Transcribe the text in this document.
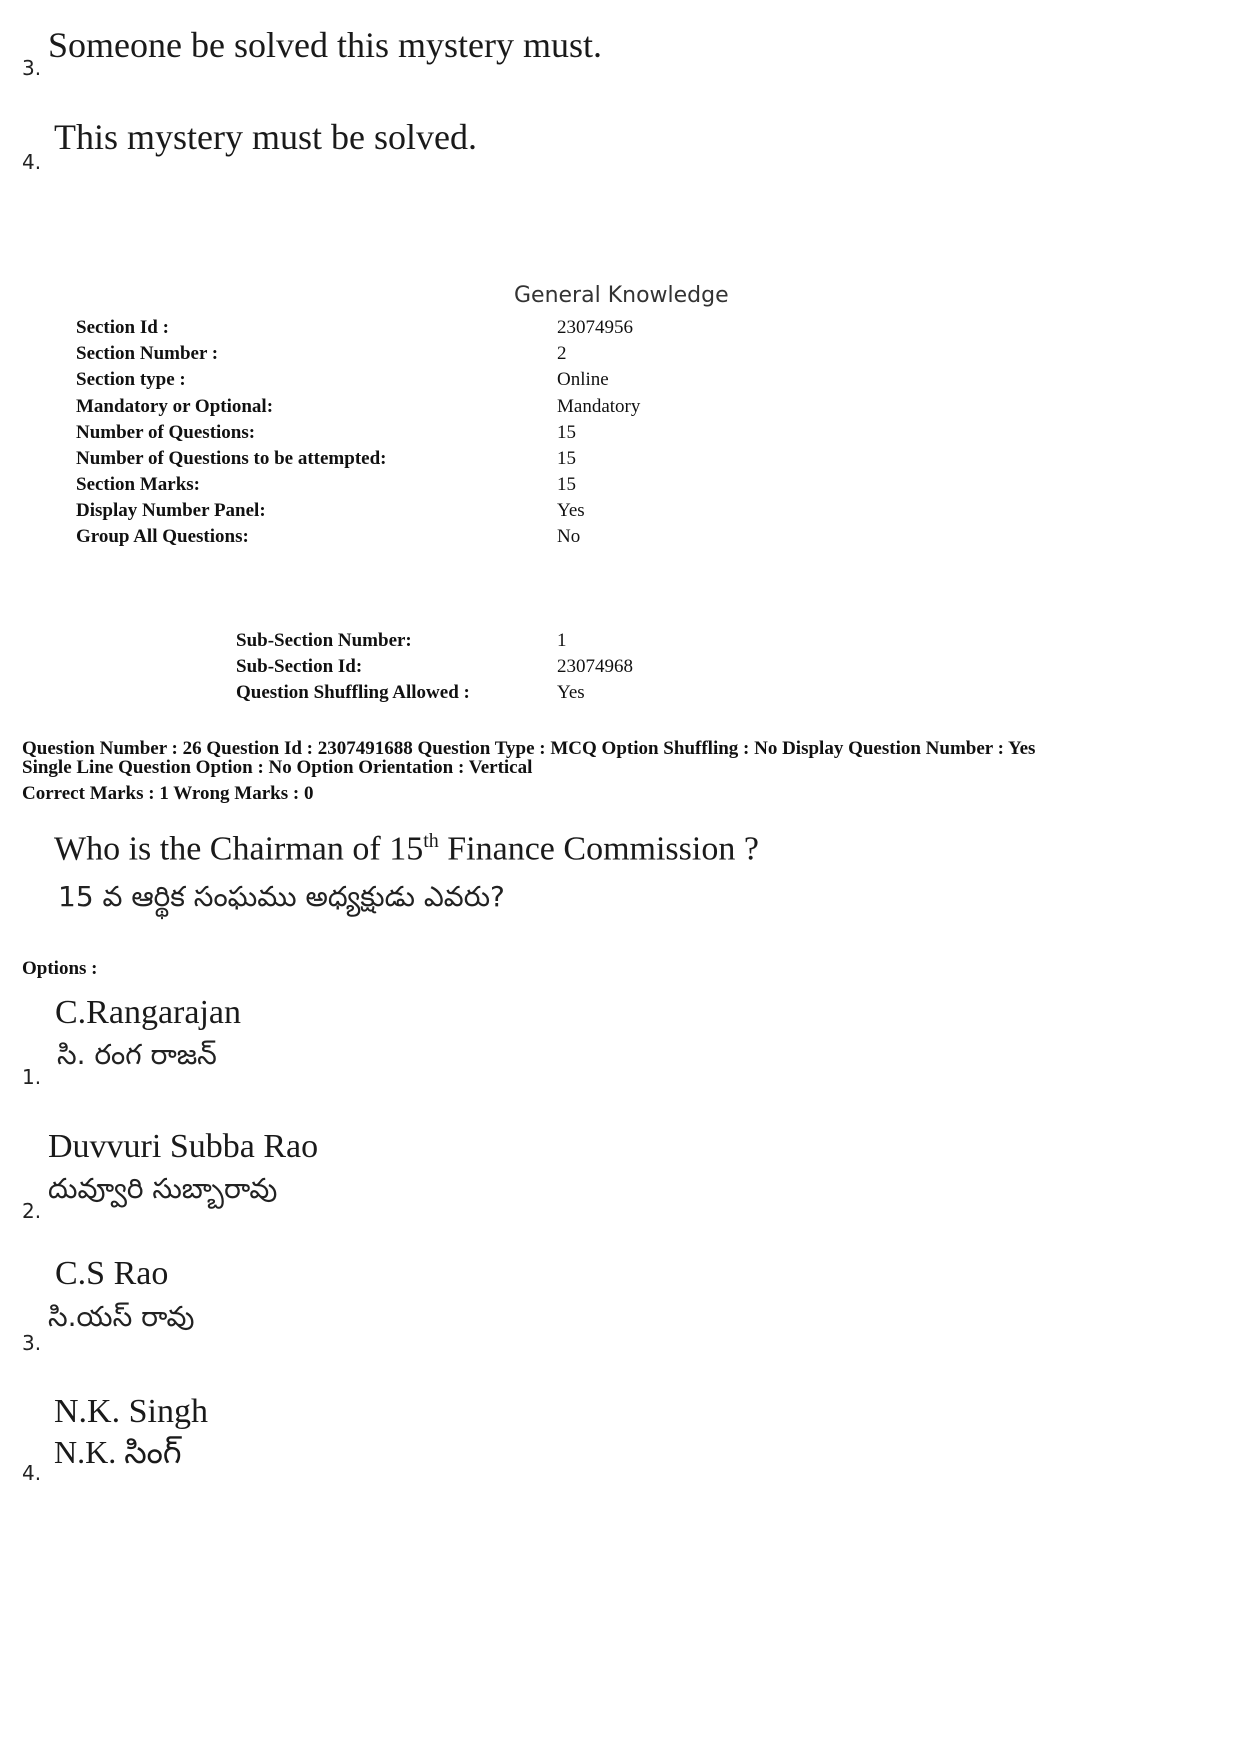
Someone be solved this mystery must.
3.
This mystery must be solved.
4.
General Knowledge
Section Id :	23074956
Section Number :	2
Section type :	Online
Mandatory or Optional:	Mandatory
Number of Questions:	15
Number of Questions to be attempted:	15
Section Marks:	15
Display Number Panel:	Yes
Group All Questions:	No
Sub-Section Number:	1
Sub-Section Id:	23074968
Question Shuffling Allowed :	Yes
Question Number : 26 Question Id : 2307491688 Question Type : MCQ Option Shuffling : No Display Question Number : Yes
Single Line Question Option : No Option Orientation : Vertical
Correct Marks : 1 Wrong Marks : 0
Who is the Chairman of 15th Finance Commission ?
15 వ ఆర్థిక సంఘము అధ్యక్షుడు ఎవరు?
Options :
C.Rangarajan
సి. రంగ రాజన్
1.
Duvvuri Subba Rao
దువ్వూరి సుబ్బారావు
2.
C.S Rao
సి.యస్ రావు
3.
N.K. Singh
N.K. సింగ్
4.
